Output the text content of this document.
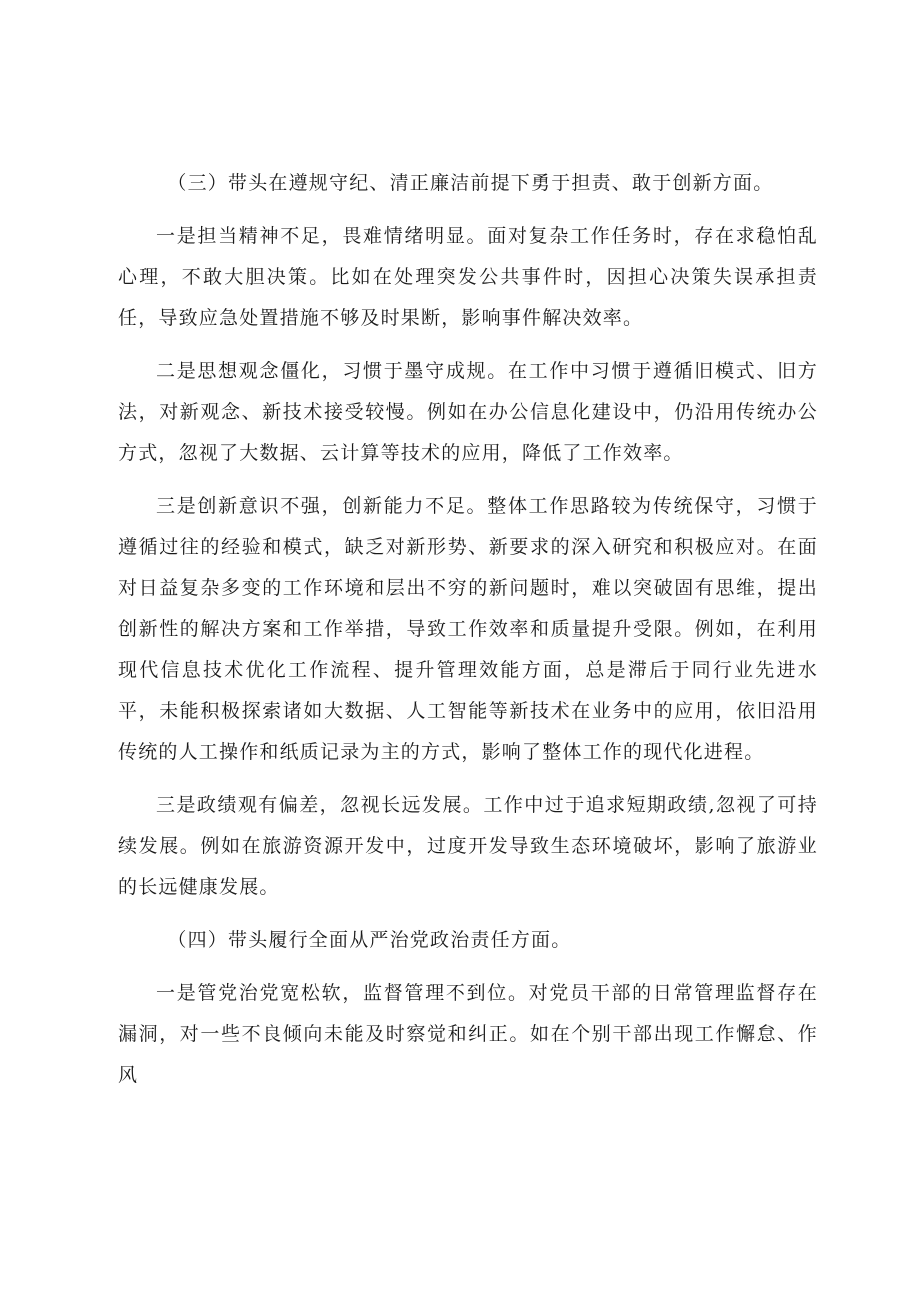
（三）带头在遵规守纪、清正廉洁前提下勇于担责、敢于创新方面。

一是担当精神不足，畏难情绪明显。面对复杂工作任务时，存在求稳怕乱心理，不敢大胆决策。比如在处理突发公共事件时，因担心决策失误承担责任，导致应急处置措施不够及时果断，影响事件解决效率。

二是思想观念僵化，习惯于墨守成规。在工作中习惯于遵循旧模式、旧方法，对新观念、新技术接受较慢。例如在办公信息化建设中，仍沿用传统办公方式，忽视了大数据、云计算等技术的应用，降低了工作效率。

三是创新意识不强，创新能力不足。整体工作思路较为传统保守，习惯于遵循过往的经验和模式，缺乏对新形势、新要求的深入研究和积极应对。在面对日益复杂多变的工作环境和层出不穷的新问题时，难以突破固有思维，提出创新性的解决方案和工作举措，导致工作效率和质量提升受限。例如，在利用现代信息技术优化工作流程、提升管理效能方面，总是滞后于同行业先进水平，未能积极探索诸如大数据、人工智能等新技术在业务中的应用，依旧沿用传统的人工操作和纸质记录为主的方式，影响了整体工作的现代化进程。

三是政绩观有偏差，忽视长远发展。工作中过于追求短期政绩,忽视了可持续发展。例如在旅游资源开发中，过度开发导致生态环境破坏，影响了旅游业的长远健康发展。

（四）带头履行全面从严治党政治责任方面。

一是管党治党宽松软，监督管理不到位。对党员干部的日常管理监督存在漏洞，对一些不良倾向未能及时察觉和纠正。如在个别干部出现工作懈怠、作风
